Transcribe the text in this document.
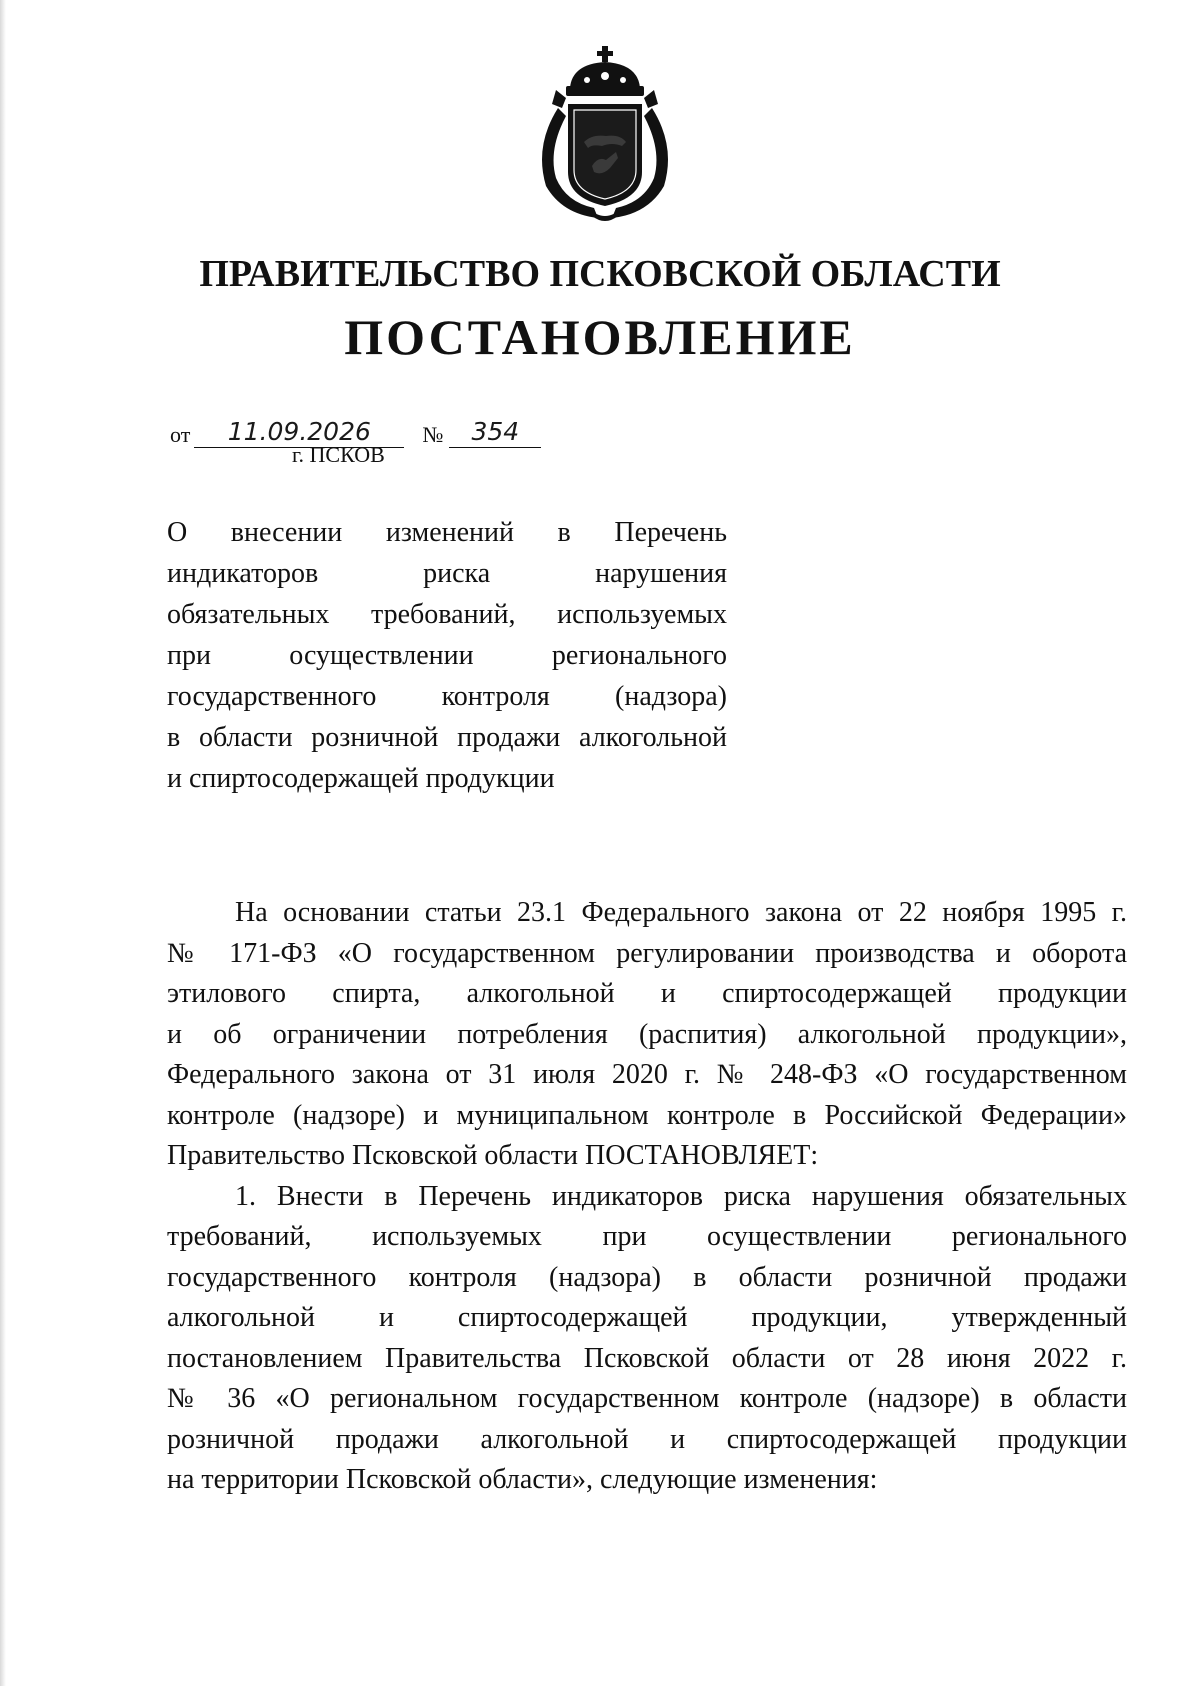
ПРАВИТЕЛЬСТВО ПСКОВСКОЙ ОБЛАСТИ
ПОСТАНОВЛЕНИЕ
от	11.09.2026	№	354
г. ПСКОВ
О внесении изменений в Перечень
индикаторов риска нарушения
обязательных требований, используемых
при осуществлении регионального
государственного контроля (надзора)
в области розничной продажи алкогольной
и спиртосодержащей продукции
На основании статьи 23.1 Федерального закона от 22 ноября 1995 г.
№ 171-ФЗ «О государственном регулировании производства и оборота
этилового спирта, алкогольной и спиртосодержащей продукции
и об ограничении потребления (распития) алкогольной продукции»,
Федерального закона от 31 июля 2020 г. № 248-ФЗ «О государственном
контроле (надзоре) и муниципальном контроле в Российской Федерации»
Правительство Псковской области ПОСТАНОВЛЯЕТ:
1. Внести в Перечень индикаторов риска нарушения обязательных
требований, используемых при осуществлении регионального
государственного контроля (надзора) в области розничной продажи
алкогольной и спиртосодержащей продукции, утвержденный
постановлением Правительства Псковской области от 28 июня 2022 г.
№ 36 «О региональном государственном контроле (надзоре) в области
розничной продажи алкогольной и спиртосодержащей продукции
на территории Псковской области», следующие изменения:
